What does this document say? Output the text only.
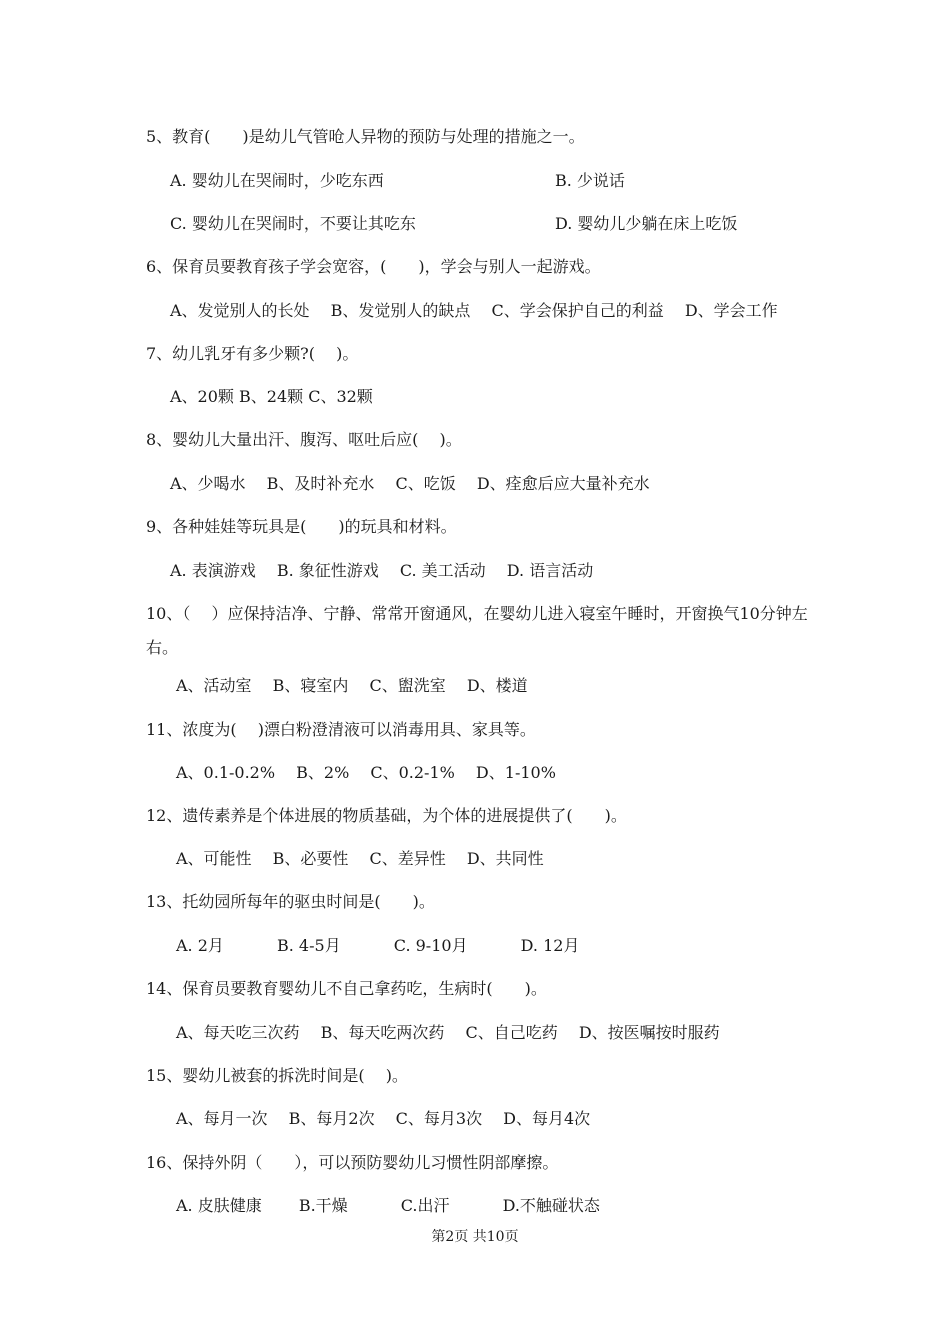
5、教育(　　)是幼儿气管呛人异物的预防与处理的措施之一。
A. 婴幼儿在哭闹时，少吃东西	B. 少说话
C. 婴幼儿在哭闹时，不要让其吃东	D. 婴幼儿少躺在床上吃饭
6、保育员要教育孩子学会宽容，(　　)，学会与别人一起游戏。
A、发觉别人的长处　 B、发觉别人的缺点　 C、学会保护自己的利益　 D、学会工作
7、幼儿乳牙有多少颗?(　 )。
A、20颗 B、24颗 C、32颗
8、婴幼儿大量出汗、腹泻、呕吐后应(　 )。
A、少喝水　 B、及时补充水　 C、吃饭　 D、痊愈后应大量补充水
9、各种娃娃等玩具是(　　)的玩具和材料。
A. 表演游戏　 B. 象征性游戏　 C. 美工活动　 D. 语言活动
10、（　 ）应保持洁净、宁静、常常开窗通风，在婴幼儿进入寝室午睡时，开窗换气10分钟左右。
A、活动室　 B、寝室内　 C、盥洗室　 D、楼道
11、浓度为(　 )漂白粉澄清液可以消毒用具、家具等。
A、0.1-0.2%　 B、2%　 C、0.2-1%　 D、1-10%
12、遗传素养是个体进展的物质基础，为个体的进展提供了(　　)。
A、可能性　 B、必要性　 C、差异性　 D、共同性
13、托幼园所每年的驱虫时间是(　　)。
A. 2月　　　 B. 4-5月　　　 C. 9-10月　　　 D. 12月
14、保育员要教育婴幼儿不自己拿药吃，生病时(　　)。
A、每天吃三次药　 B、每天吃两次药　 C、自己吃药　 D、按医嘱按时服药
15、婴幼儿被套的拆洗时间是(　 )。
A、每月一次　 B、每月2次　 C、每月3次　 D、每月4次
16、保持外阴（　　），可以预防婴幼儿习惯性阴部摩擦。
A. 皮肤健康　　 B.干燥　　　 C.出汗　　　 D.不触碰状态
第2页 共10页
